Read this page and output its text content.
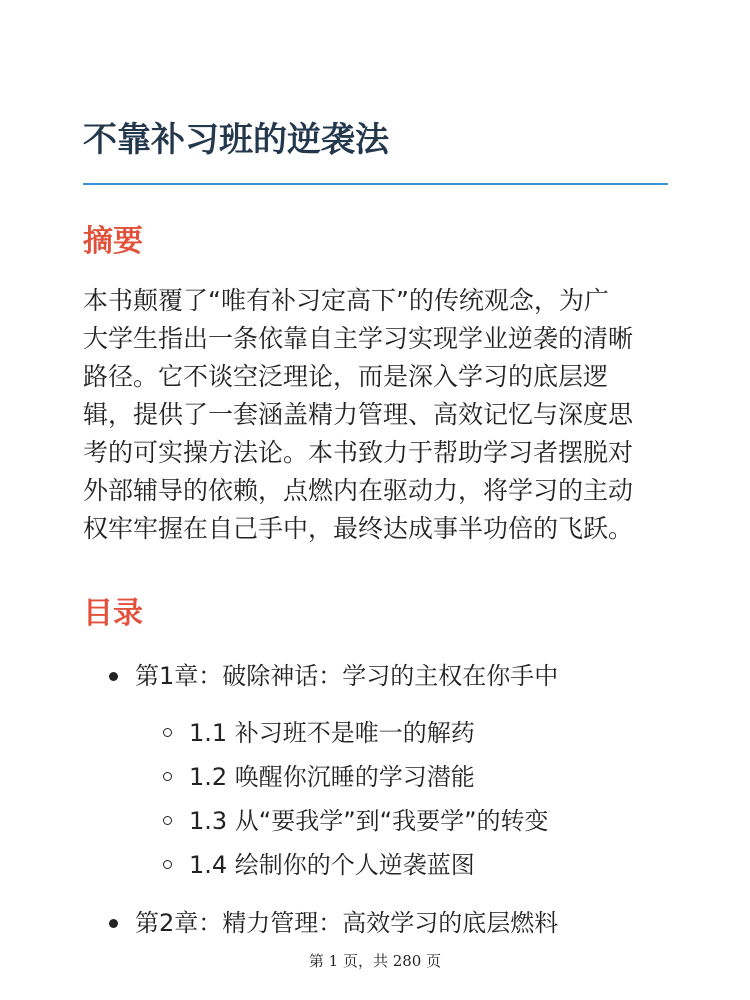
不靠补习班的逆袭法
摘要

本书颠覆了“唯有补习定高下”的传统观念，为广
大学生指出一条依靠自主学习实现学业逆袭的清晰
路径。它不谈空泛理论，而是深入学习的底层逻
辑，提供了一套涵盖精力管理、高效记忆与深度思
考的可实操方法论。本书致力于帮助学习者摆脱对
外部辅导的依赖，点燃内在驱动力，将学习的主动
权牢牢握在自己手中，最终达成事半功倍的飞跃。

目录
第1章：破除神话：学习的主权在你手中
1.1 补习班不是唯一的解药
1.2 唤醒你沉睡的学习潜能
1.3 从“要我学”到“我要学”的转变
1.4 绘制你的个人逆袭蓝图
第2章：精力管理：高效学习的底层燃料
第 1 页，共 280 页
